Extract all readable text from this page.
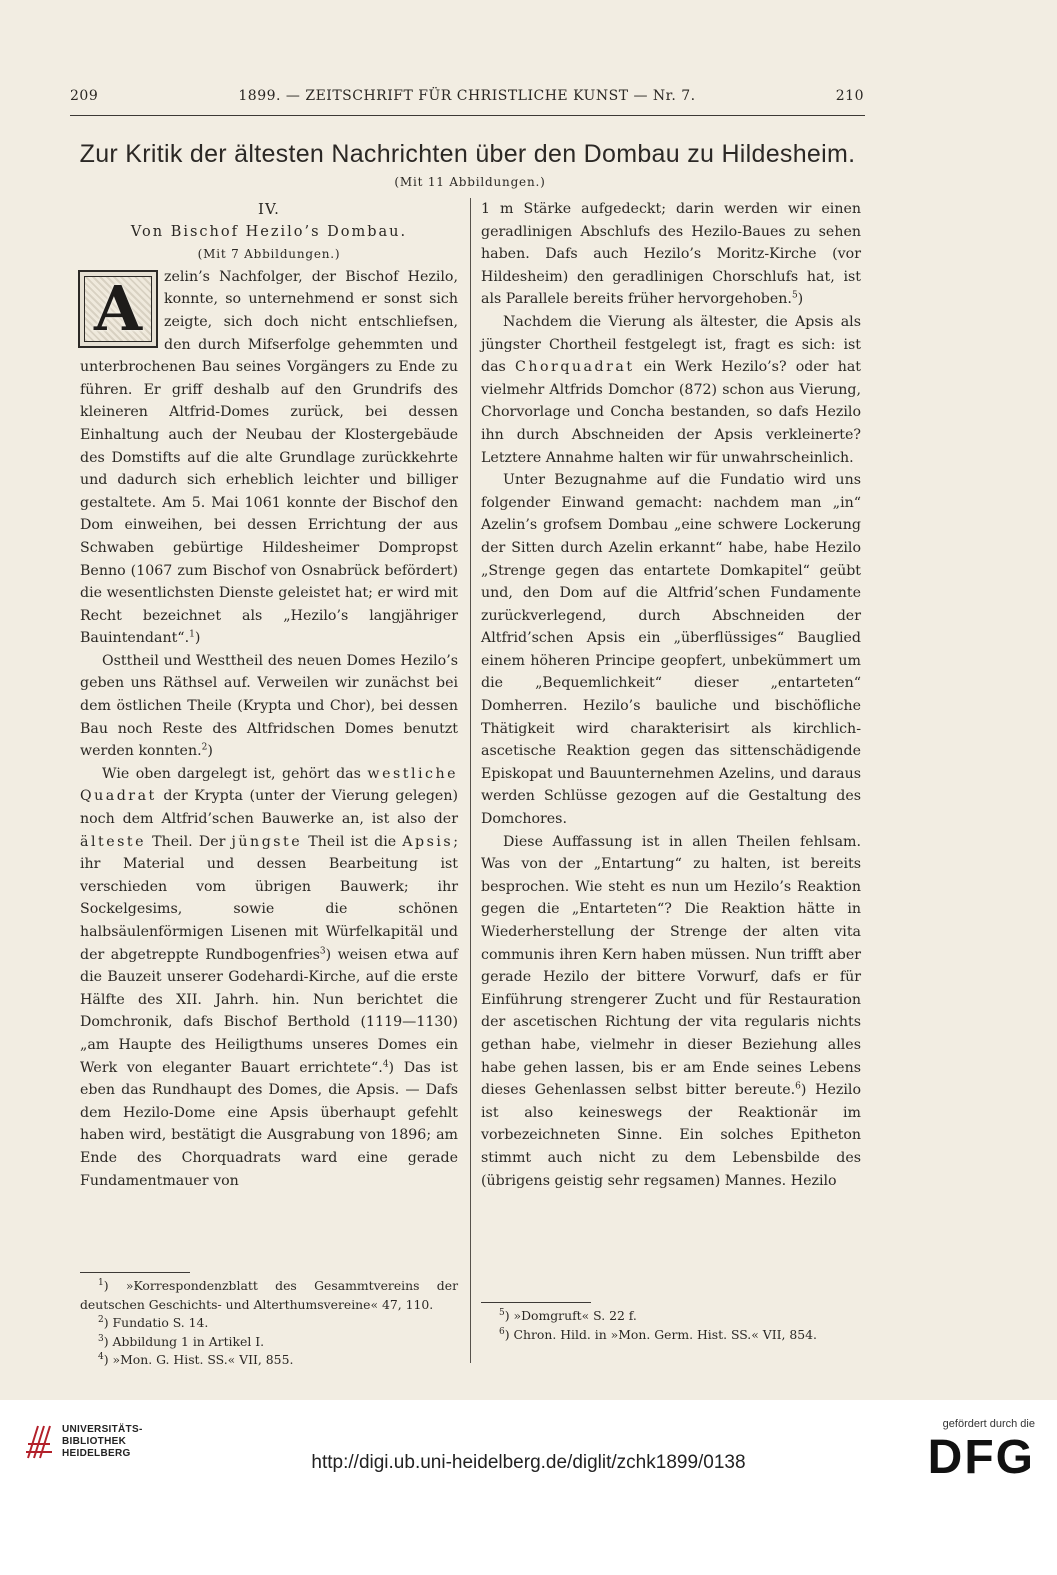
209	1899. — ZEITSCHRIFT FÜR CHRISTLICHE KUNST — Nr. 7.	210
Zur Kritik der ältesten Nachrichten über den Dombau zu Hildesheim.
(Mit 11 Abbildungen.)

IV.

Von Bischof Hezilo’s Dombau.

(Mit 7 Abbildungen.)

A	zelin’s Nachfolger, der Bischof Hezilo, konnte, so unternehmend er sonst sich zeigte, sich doch nicht entschliefsen, den durch Mifserfolge gehemmten und unterbrochenen Bau seines Vorgängers zu Ende zu führen. Er griff deshalb auf den Grundrifs des kleineren Altfrid-Domes zurück, bei dessen Einhaltung auch der Neubau der Klostergebäude des Domstifts auf die alte Grundlage zurückkehrte und dadurch sich erheblich leichter und billiger gestaltete. Am 5. Mai 1061 konnte der Bischof den Dom einweihen, bei dessen Errichtung der aus Schwaben gebürtige Hildesheimer Dompropst Benno (1067 zum Bischof von Osnabrück befördert) die wesentlichsten Dienste geleistet hat; er wird mit Recht bezeichnet als „Hezilo’s langjähriger Bauintendant“.$^1$)

Osttheil und Westtheil des neuen Domes Hezilo’s geben uns Räthsel auf. Verweilen wir zunächst bei dem östlichen Theile (Krypta und Chor), bei dessen Bau noch Reste des Altfridschen Domes benutzt werden konnten.$^2$)

Wie oben dargelegt ist, gehört das westliche Quadrat der Krypta (unter der Vierung gelegen) noch dem Altfrid’schen Bauwerke an, ist also der älteste Theil. Der jüngste Theil ist die Apsis; ihr Material und dessen Bearbeitung ist verschieden vom übrigen Bauwerk; ihr Sockelgesims, sowie die schönen halbsäulenförmigen Lisenen mit Würfelkapitäl und der abgetreppte Rundbogenfries$^3$) weisen etwa auf die Bauzeit unserer Godehardi-Kirche, auf die erste Hälfte des XII. Jahrh. hin. Nun berichtet die Domchronik, dafs Bischof Berthold (1119—1130) „am Haupte des Heiligthums unseres Domes ein Werk von eleganter Bauart errichtete“.$^4$) Das ist eben das Rundhaupt des Domes, die Apsis. — Dafs dem Hezilo-Dome eine Apsis überhaupt gefehlt haben wird, bestätigt die Ausgrabung von 1896; am Ende des Chorquadrats ward eine gerade Fundamentmauer von

1 m Stärke aufgedeckt; darin werden wir einen geradlinigen Abschlufs des Hezilo-Baues zu sehen haben. Dafs auch Hezilo’s Moritz-Kirche (vor Hildesheim) den geradlinigen Chorschlufs hat, ist als Parallele bereits früher hervorgehoben.$^5$)

Nachdem die Vierung als ältester, die Apsis als jüngster Chortheil festgelegt ist, fragt es sich: ist das Chorquadrat ein Werk Hezilo’s? oder hat vielmehr Altfrids Domchor (872) schon aus Vierung, Chorvorlage und Concha bestanden, so dafs Hezilo ihn durch Abschneiden der Apsis verkleinerte? Letztere Annahme halten wir für unwahrscheinlich.

Unter Bezugnahme auf die Fundatio wird uns folgender Einwand gemacht: nachdem man „in“ Azelin’s grofsem Dombau „eine schwere Lockerung der Sitten durch Azelin erkannt“ habe, habe Hezilo „Strenge gegen das entartete Domkapitel“ geübt und, den Dom auf die Altfrid’schen Fundamente zurückverlegend, durch Abschneiden der Altfrid’schen Apsis ein „überflüssiges“ Bauglied einem höheren Principe geopfert, unbekümmert um die „Bequemlichkeit“ dieser „entarteten“ Domherren. Hezilo’s bauliche und bischöfliche Thätigkeit wird charakterisirt als kirchlich-ascetische Reaktion gegen das sittenschädigende Episkopat und Bauunternehmen Azelins, und daraus werden Schlüsse gezogen auf die Gestaltung des Domchores.

Diese Auffassung ist in allen Theilen fehlsam. Was von der „Entartung“ zu halten, ist bereits besprochen. Wie steht es nun um Hezilo’s Reaktion gegen die „Entarteten“? Die Reaktion hätte in Wiederherstellung der Strenge der alten vita communis ihren Kern haben müssen. Nun trifft aber gerade Hezilo der bittere Vorwurf, dafs er für Einführung strengerer Zucht und für Restauration der ascetischen Richtung der vita regularis nichts gethan habe, vielmehr in dieser Beziehung alles habe gehen lassen, bis er am Ende seines Lebens dieses Gehenlassen selbst bitter bereute.$^6$) Hezilo ist also keineswegs der Reaktionär im vorbezeichneten Sinne. Ein solches Epitheton stimmt auch nicht zu dem Lebensbilde des (übrigens geistig sehr regsamen) Mannes. Hezilo

$^1$) »Korrespondenzblatt des Gesammtvereins der deutschen Geschichts- und Alterthumsvereine« 47, 110.

$^2$) Fundatio S. 14.

$^3$) Abbildung 1 in Artikel I.

$^4$) »Mon. G. Hist. SS.« VII, 855.

$^5$) »Domgruft« S. 22 f.

$^6$) Chron. Hild. in »Mon. Germ. Hist. SS.« VII, 854.

UNIVERSITÄTS-
BIBLIOTHEK
HEIDELBERG	http://digi.ub.uni-heidelberg.de/diglit/zchk1899/0138
gefördert durch die
DFG
